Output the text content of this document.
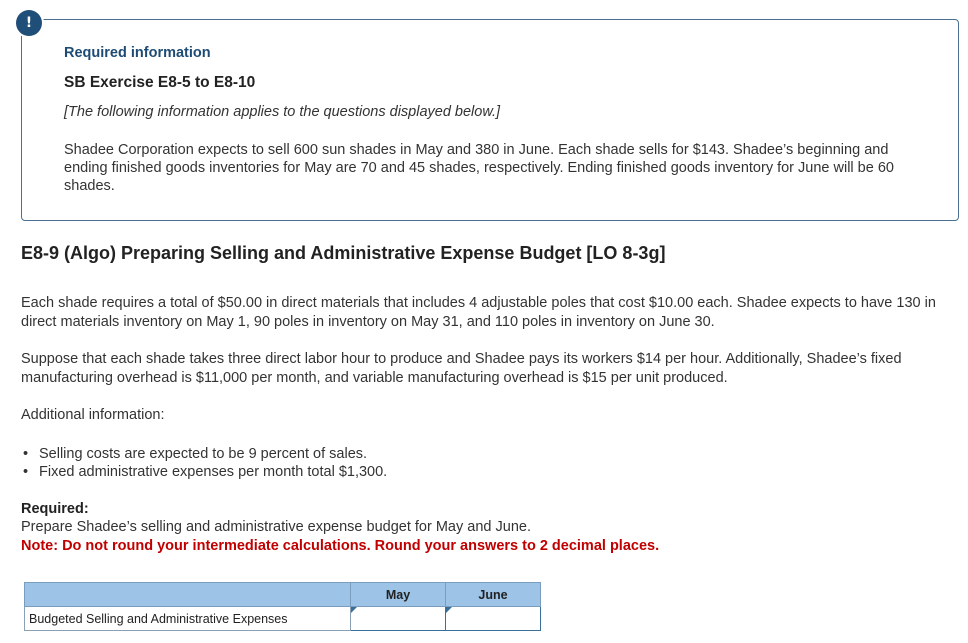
!
Required information
SB Exercise E8-5 to E8-10
[The following information applies to the questions displayed below.]
Shadee Corporation expects to sell 600 sun shades in May and 380 in June. Each shade sells for $143. Shadee’s beginning and ending finished goods inventories for May are 70 and 45 shades, respectively. Ending finished goods inventory for June will be 60 shades.
E8-9 (Algo) Preparing Selling and Administrative Expense Budget [LO 8-3g]
Each shade requires a total of $50.00 in direct materials that includes 4 adjustable poles that cost $10.00 each. Shadee expects to have 130 in direct materials inventory on May 1, 90 poles in inventory on May 31, and 110 poles in inventory on June 30.
Suppose that each shade takes three direct labor hour to produce and Shadee pays its workers $14 per hour. Additionally, Shadee’s fixed manufacturing overhead is $11,000 per month, and variable manufacturing overhead is $15 per unit produced.
Additional information:
• Selling costs are expected to be 9 percent of sales.
• Fixed administrative expenses per month total $1,300.
Required:
Prepare Shadee’s selling and administrative expense budget for May and June.
Note: Do not round your intermediate calculations. Round your answers to 2 decimal places.
	May	June
Budgeted Selling and Administrative Expenses	
